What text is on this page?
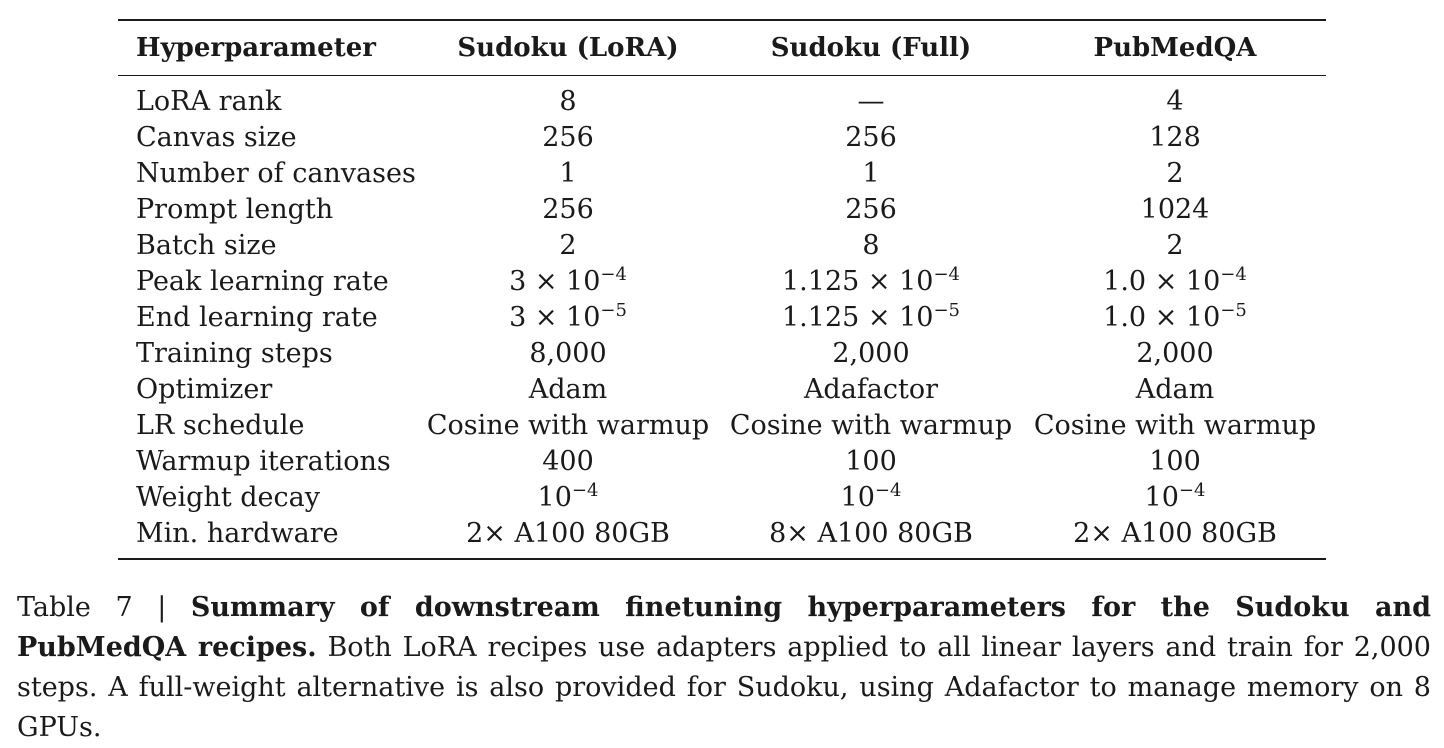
Hyperparameter	Sudoku (LoRA)	Sudoku (Full)	PubMedQA
LoRA rank	8	—	4
Canvas size	256	256	128
Number of canvases	1	1	2
Prompt length	256	256	1024
Batch size	2	8	2
Peak learning rate	$3 \times 10^{-4}$	$1.125 \times 10^{-4}$	$1.0 \times 10^{-4}$
End learning rate	$3 \times 10^{-5}$	$1.125 \times 10^{-5}$	$1.0 \times 10^{-5}$
Training steps	8,000	2,000	2,000
Optimizer	Adam	Adafactor	Adam
LR schedule	Cosine with warmup	Cosine with warmup	Cosine with warmup
Warmup iterations	400	100	100
Weight decay	$10^{-4}$	$10^{-4}$	$10^{-4}$
Min. hardware	2× A100 80GB	8× A100 80GB	2× A100 80GB
Table 7 | Summary of downstream finetuning hyperparameters for the Sudoku and PubMedQA recipes. Both LoRA recipes use adapters applied to all linear layers and train for 2,000 steps. A full-weight alternative is also provided for Sudoku, using Adafactor to manage memory on 8 GPUs.
